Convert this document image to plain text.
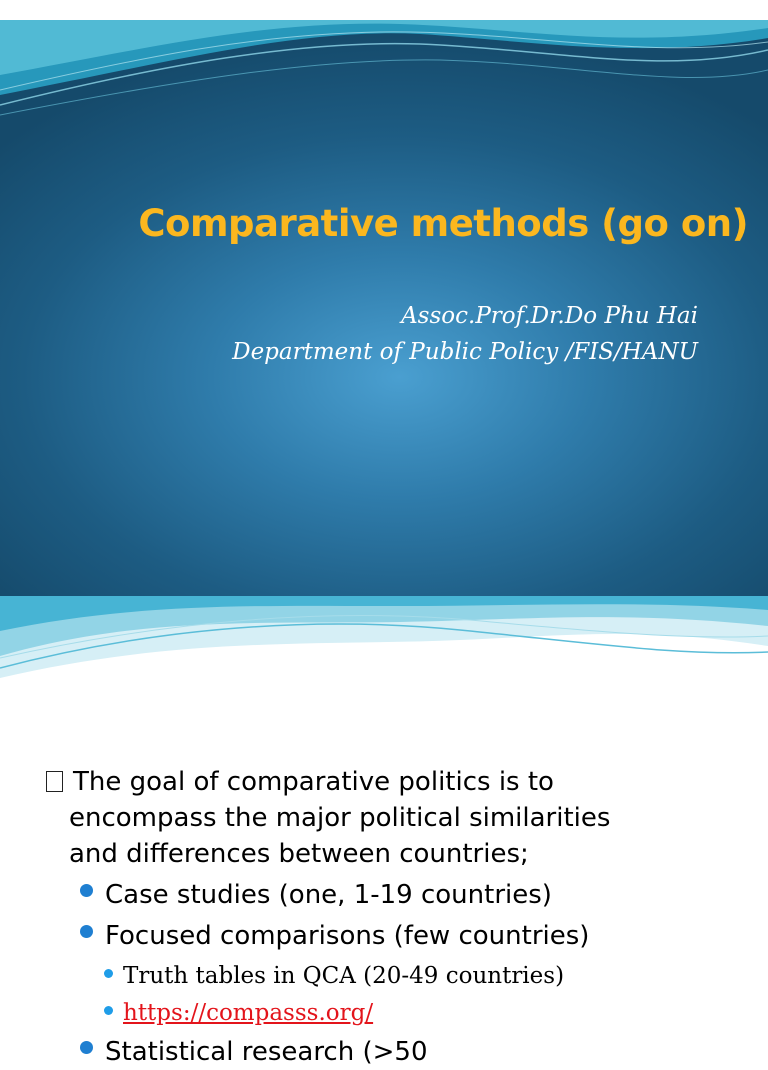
Comparative methods (go on)
Assoc.Prof.Dr.Do Phu Hai
Department of Public Policy /FIS/HANU
The goal of comparative politics is to
encompass the major political similarities
and differences between countries;
Case studies (one, 1-19 countries)
Focused comparisons (few countries)
Truth tables in QCA (20-49 countries)
https://compasss.org/
Statistical research (>50
